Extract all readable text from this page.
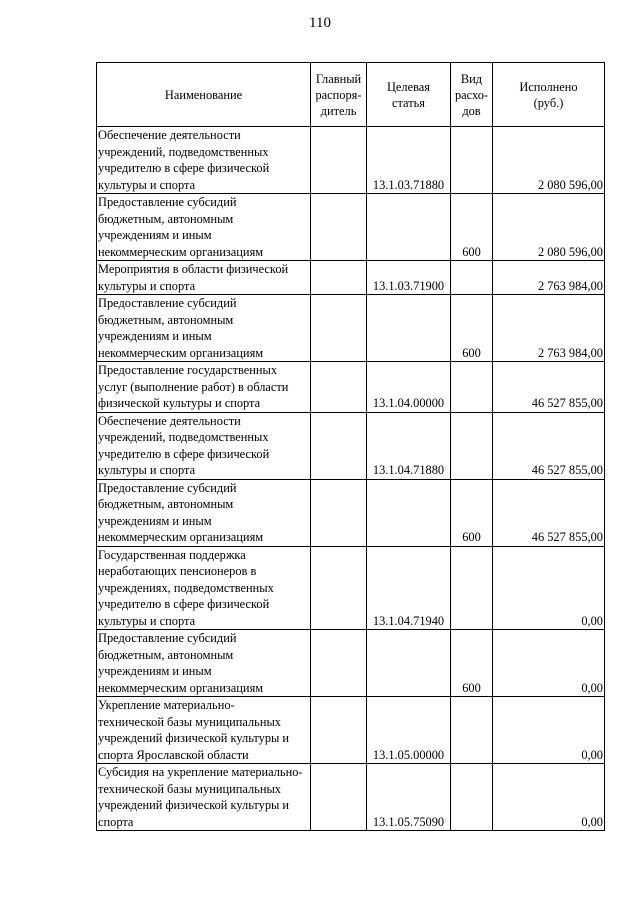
110
Наименование	Главный
распоря-
дитель	Целевая
статья	Вид
расхо-
дов	Исполнено
(руб.)
Обеспечение деятельности
учреждений, подведомственных
учредителю в сфере физической
культуры и спорта		13.1.03.71880		2 080 596,00
Предоставление субсидий
бюджетным, автономным
учреждениям и иным
некоммерческим организациям			600	2 080 596,00
Мероприятия в области физической
культуры и спорта		13.1.03.71900		2 763 984,00
Предоставление субсидий
бюджетным, автономным
учреждениям и иным
некоммерческим организациям			600	2 763 984,00
Предоставление государственных
услуг (выполнение работ) в области
физической культуры и спорта		13.1.04.00000		46 527 855,00
Обеспечение деятельности
учреждений, подведомственных
учредителю в сфере физической
культуры и спорта		13.1.04.71880		46 527 855,00
Предоставление субсидий
бюджетным, автономным
учреждениям и иным
некоммерческим организациям			600	46 527 855,00
Государственная поддержка
неработающих пенсионеров в
учреждениях, подведомственных
учредителю в сфере физической
культуры и спорта		13.1.04.71940		0,00
Предоставление субсидий
бюджетным, автономным
учреждениям и иным
некоммерческим организациям			600	0,00
Укрепление материально-
технической базы муниципальных
учреждений физической культуры и
спорта Ярославской области		13.1.05.00000		0,00
Субсидия на укрепление материально-
технической базы муниципальных
учреждений физической культуры и
спорта		13.1.05.75090		0,00
